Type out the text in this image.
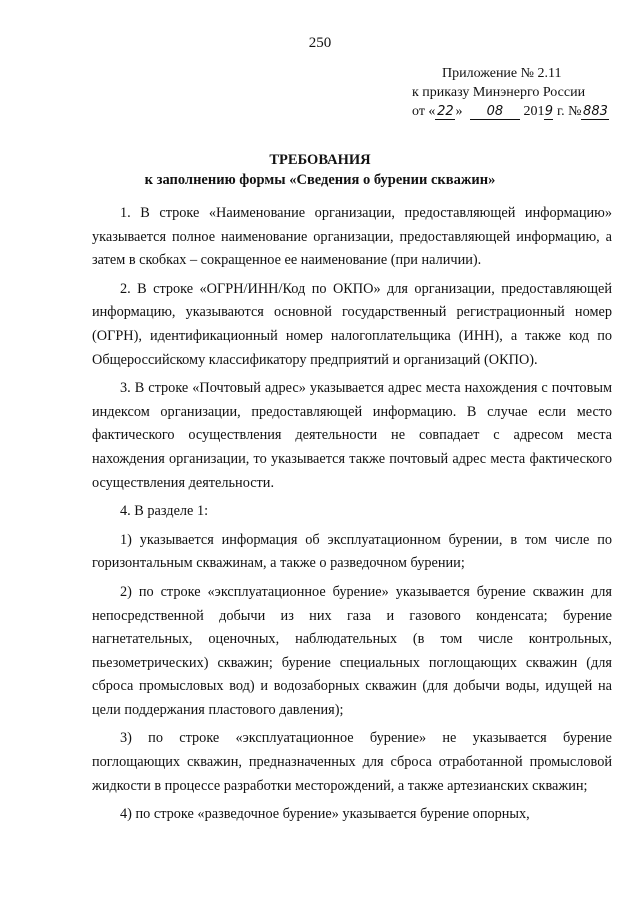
250
Приложение № 2.11
к приказу Минэнерго России
от « 22 » 08 2019 г. № 883
ТРЕБОВАНИЯ
к заполнению формы «Сведения о бурении скважин»

1. В строке «Наименование организации, предоставляющей информацию» указывается полное наименование организации, предоставляющей информацию, а затем в скобках – сокращенное ее наименование (при наличии).

2. В строке «ОГРН/ИНН/Код по ОКПО» для организации, предоставляющей информацию, указываются основной государственный регистрационный номер (ОГРН), идентификационный номер налогоплательщика (ИНН), а также код по Общероссийскому классификатору предприятий и организаций (ОКПО).

3. В строке «Почтовый адрес» указывается адрес места нахождения с почтовым индексом организации, предоставляющей информацию. В случае если место фактического осуществления деятельности не совпадает с адресом места нахождения организации, то указывается также почтовый адрес места фактического осуществления деятельности.

4. В разделе 1:

1) указывается информация об эксплуатационном бурении, в том числе по горизонтальным скважинам, а также о разведочном бурении;

2) по строке «эксплуатационное бурение» указывается бурение скважин для непосредственной добычи из них газа и газового конденсата; бурение нагнетательных, оценочных, наблюдательных (в том числе контрольных, пьезометрических) скважин; бурение специальных поглощающих скважин (для сброса промысловых вод) и водозаборных скважин (для добычи воды, идущей на цели поддержания пластового давления);

3) по строке «эксплуатационное бурение» не указывается бурение поглощающих скважин, предназначенных для сброса отработанной промысловой жидкости в процессе разработки месторождений, а также артезианских скважин;

4) по строке «разведочное бурение» указывается бурение опорных,
